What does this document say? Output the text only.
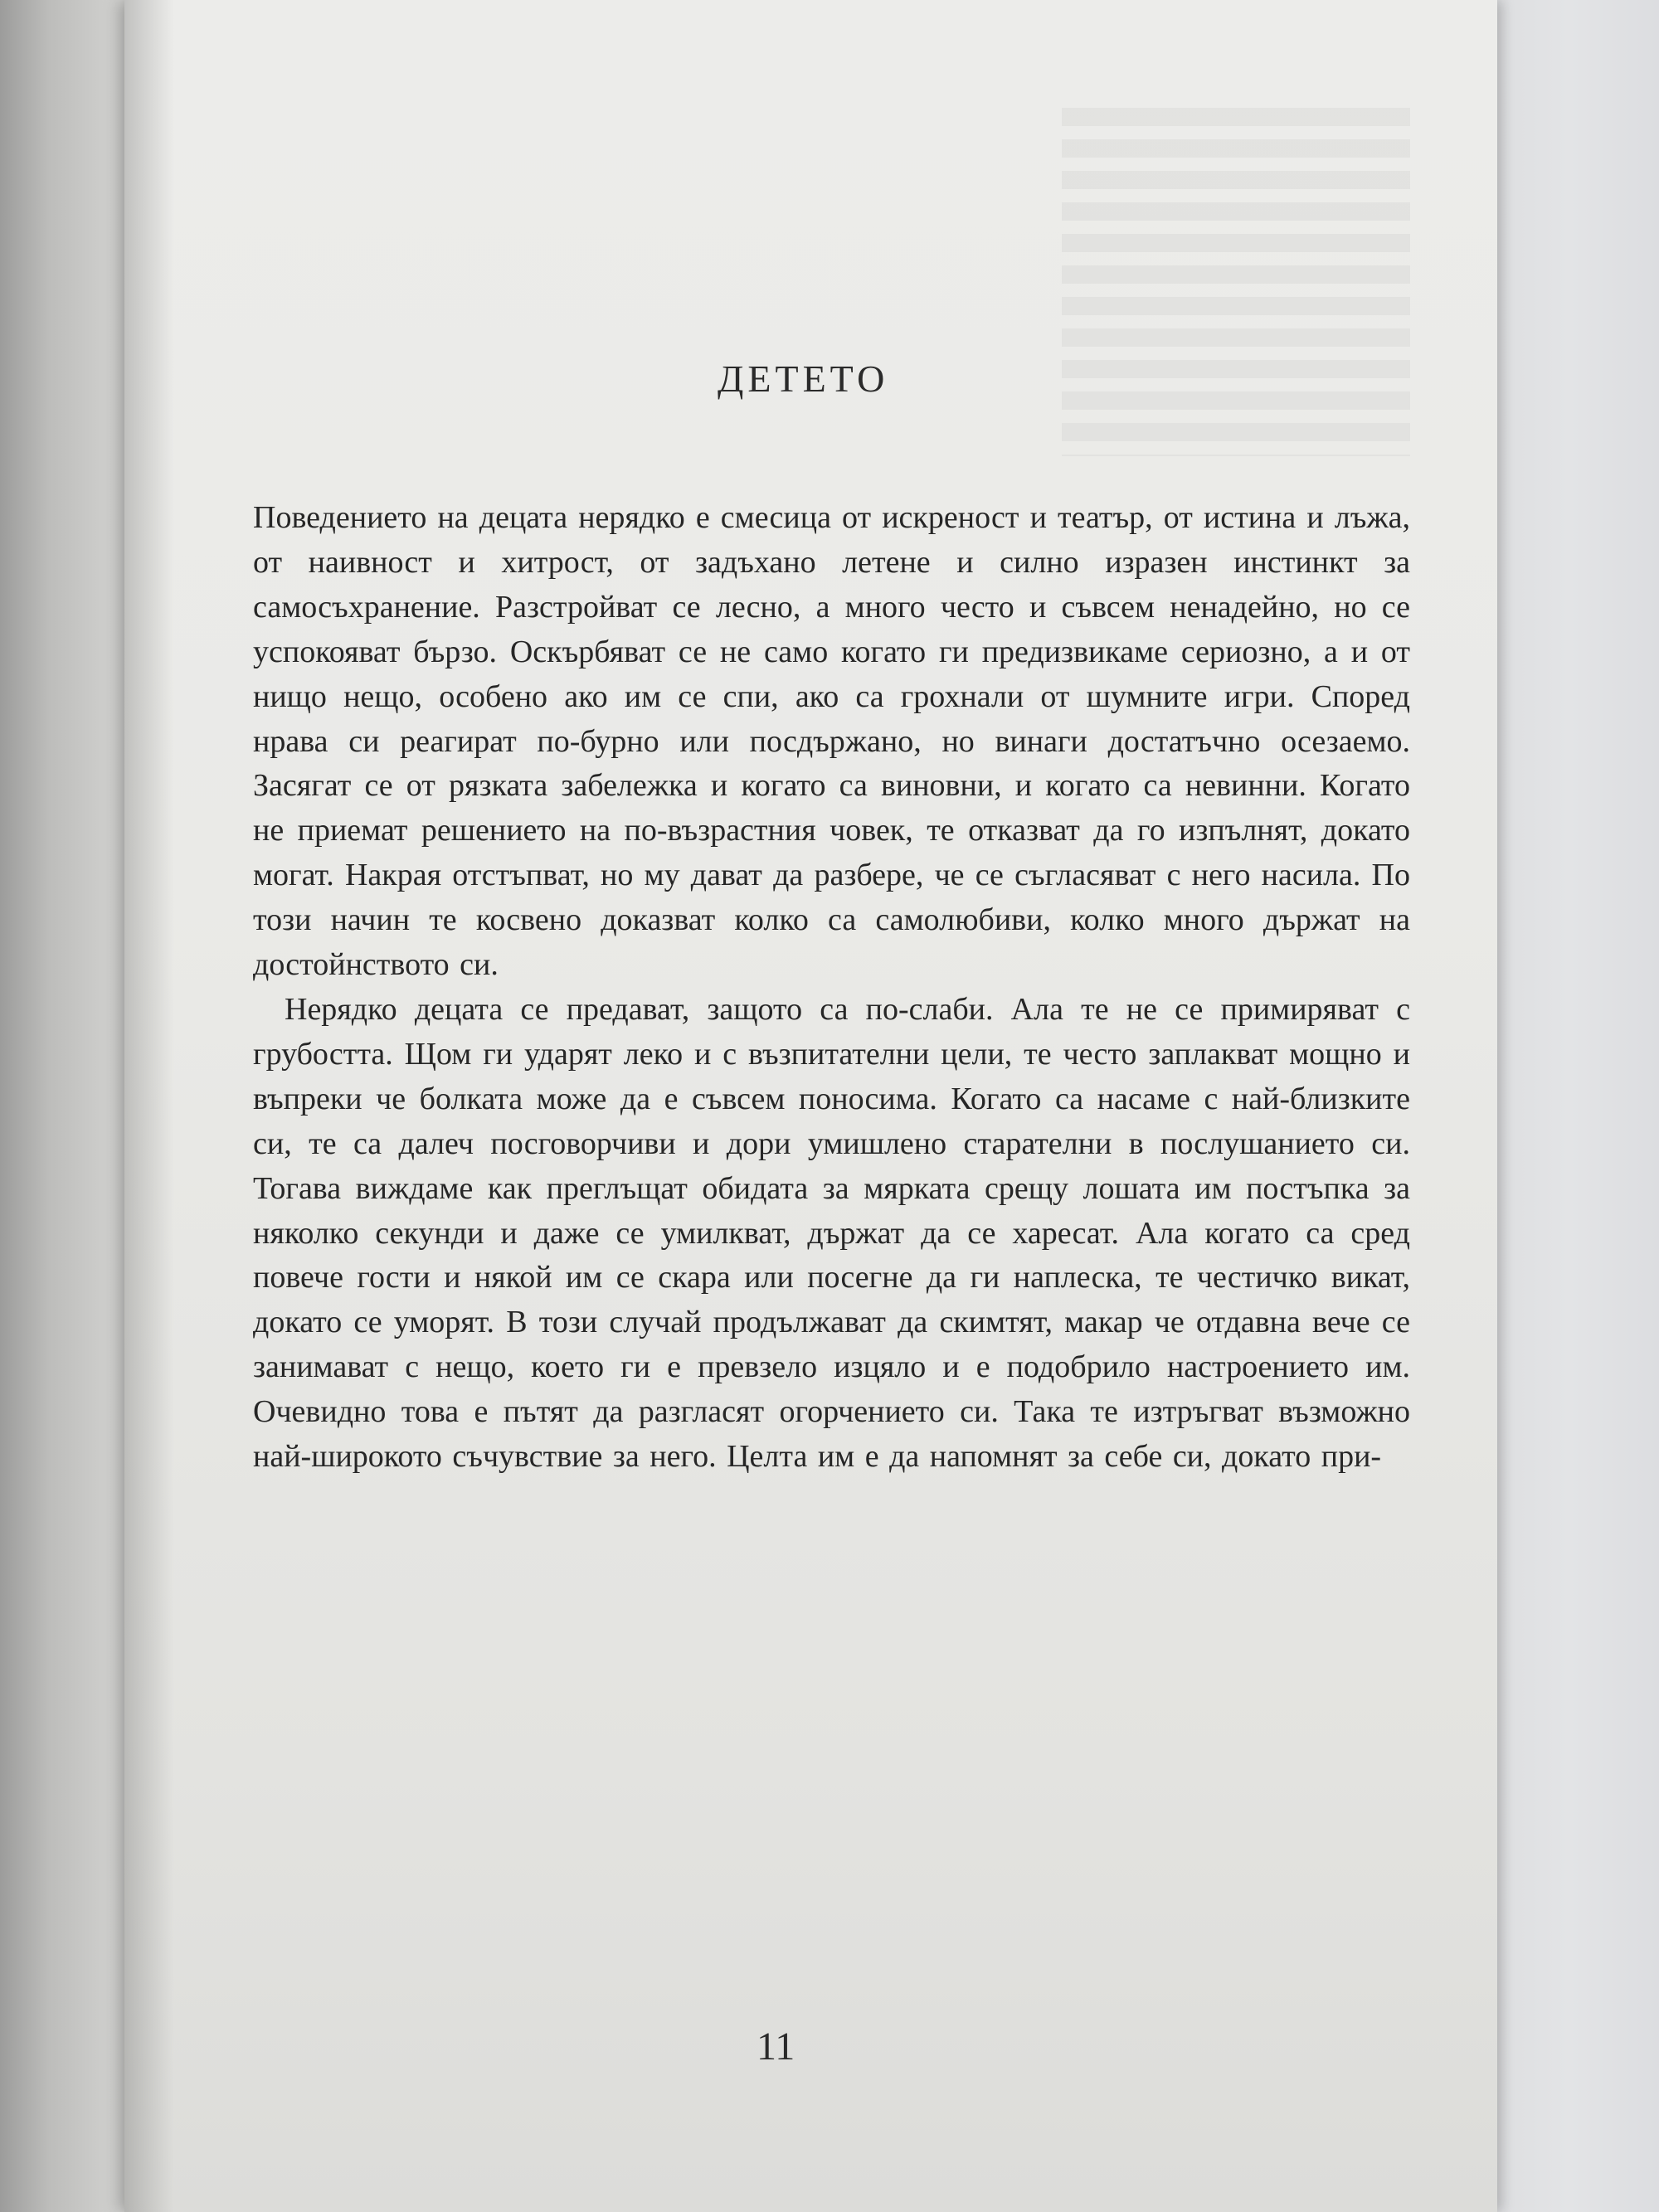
ДЕТЕТО

Поведението на децата нерядко е смесица от искреност и театър, от истина и лъжа, от наивност и хитрост, от задъхано летене и силно изразен инстинкт за самосъхранение. Разстройват се лесно, а много често и съвсем ненадейно, но се успокояват бързо. Оскърбяват се не само когато ги предизвикаме сериозно, а и от нищо нещо, особено ако им се спи, ако са грохнали от шумните игри. Според нрава си реагират по-бурно или посдържано, но винаги достатъчно осезаемо. Засягат се от рязката забележка и когато са виновни, и когато са невинни. Когато не приемат решението на по-възрастния човек, те отказват да го изпълнят, докато могат. Накрая отстъпват, но му дават да разбере, че се съгласяват с него насила. По този начин те косвено доказват колко са самолюбиви, колко много държат на достойнството си.

Нерядко децата се предават, защото са по-слаби. Ала те не се примиряват с грубостта. Щом ги ударят леко и с възпитателни цели, те често заплакват мощно и въпреки че болката може да е съвсем поносима. Когато са насаме с най-близките си, те са далеч посговорчиви и дори умишлено старателни в послушанието си. Тогава виждаме как преглъщат обидата за мярката срещу лошата им постъпка за няколко секунди и даже се умилкват, държат да се харесат. Ала когато са сред повече гости и някой им се скара или посегне да ги наплеска, те честичко викат, докато се уморят. В този случай продължават да скимтят, макар че отдавна вече се занимават с нещо, което ги е превзело изцяло и е подобрило настроението им. Очевидно това е пътят да разгласят огорчението си. Така те изтръгват възможно най-широкото съчувствие за него. Целта им е да напомнят за себе си, докато при-

11
